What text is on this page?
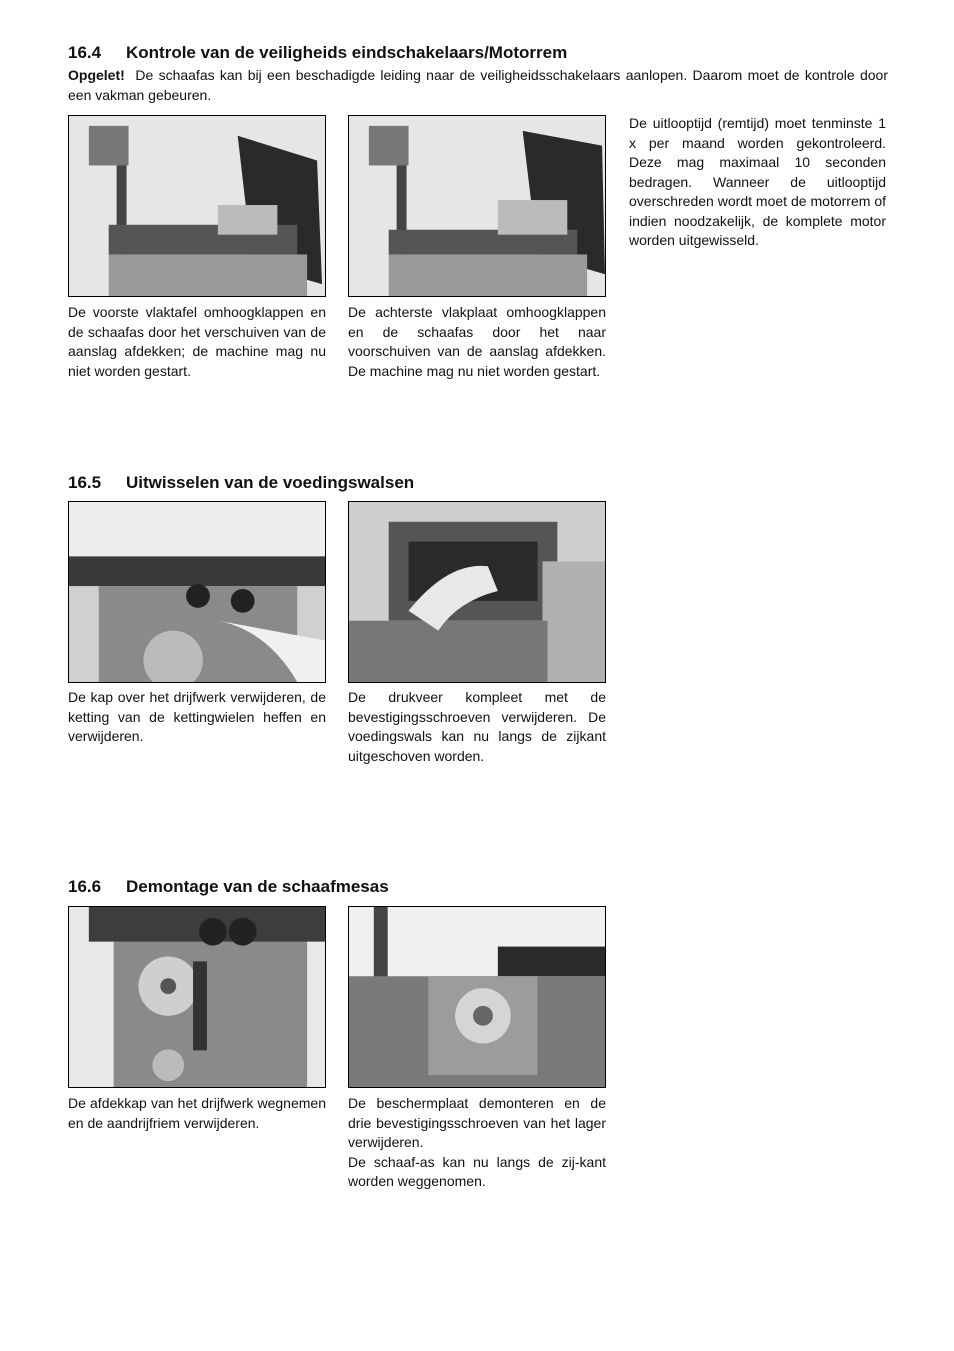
16.4 Kontrole van de veiligheids eindschakelaars/Motorrem
Opgelet! De schaafas kan bij een beschadigde leiding naar de veiligheidsschakelaars aanlopen. Daarom moet de kontrole door een vakman gebeuren.
De voorste vlaktafel omhoogklappen en de schaafas door het verschuiven van de aanslag afdekken; de machine mag nu niet worden gestart.
De achterste vlakplaat omhoogklappen en de schaafas door het naar voorschuiven van de aanslag afdekken. De machine mag nu niet worden gestart.
De uitlooptijd (remtijd) moet tenminste 1 x per maand worden gekontroleerd. Deze mag maximaal 10 seconden bedragen. Wanneer de uitlooptijd overschreden wordt moet de motorrem of indien noodzakelijk, de komplete motor worden uitgewisseld.
16.5 Uitwisselen van de voedingswalsen
De kap over het drijfwerk verwijderen, de ketting van de kettingwielen heffen en verwijderen.
De drukveer kompleet met de bevestigingsschroeven verwijderen. De voedingswals kan nu langs de zijkant uitgeschoven worden.
16.6 Demontage van de schaafmesas
De afdekkap van het drijfwerk wegnemen en de aandrijfriem verwijderen.

De beschermplaat demonteren en de drie bevestigingsschroeven van het lager verwijderen.

De schaaf-as kan nu langs de zij-kant worden weggenomen.
